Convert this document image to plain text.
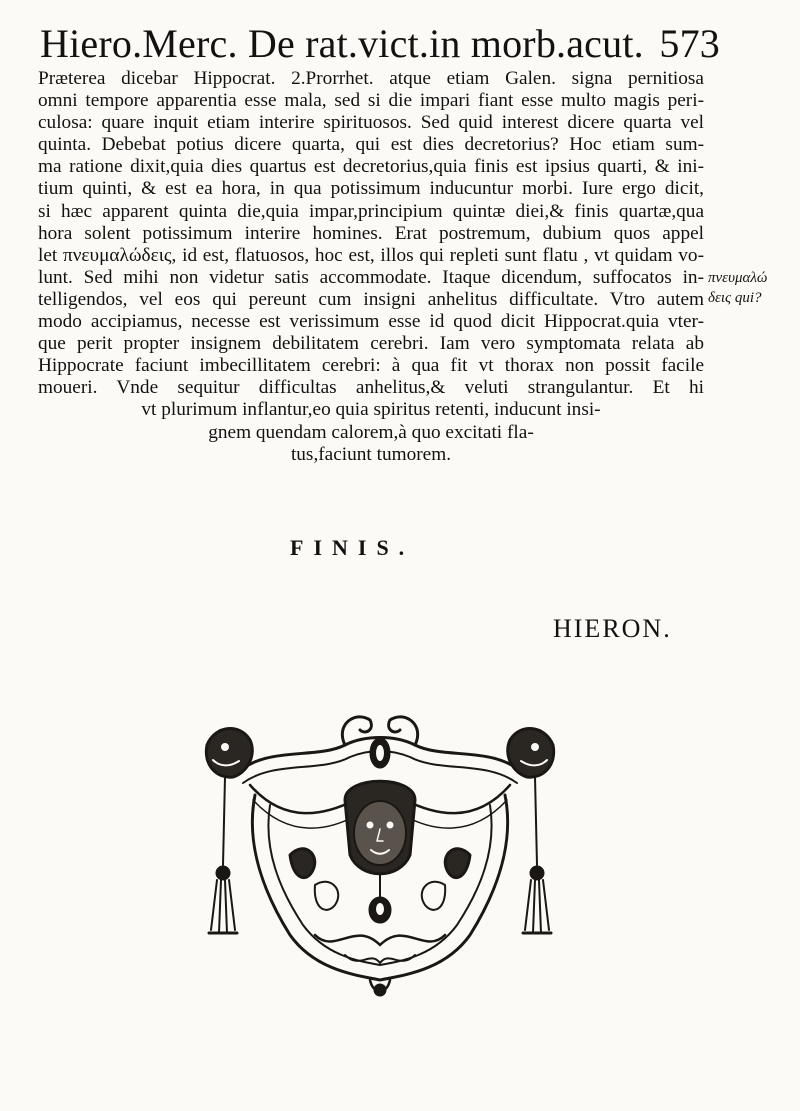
Hiero.Merc. De rat.vict.in morb.acut. 573
Præterea dicebar Hippocrat. 2.Prorrhet. atque etiam Galen. signa pernitiosa
omni tempore apparentia esse mala, sed si die impari fiant esse multo magis peri-
culosa: quare inquit etiam interire spirituosos. Sed quid interest dicere quarta vel
quinta. Debebat potius dicere quarta, qui est dies decretorius? Hoc etiam sum-
ma ratione dixit,quia dies quartus est decretorius,quia finis est ipsius quarti, & ini-
tium quinti, & est ea hora, in qua potissimum inducuntur morbi. Iure ergo dicit,
si hæc apparent quinta die,quia impar,principium quintæ diei,& finis quartæ,qua
hora solent potissimum interire homines. Erat postremum, dubium quos appel
let πνευμαλώδεις, id est, flatuosos, hoc est, illos qui repleti sunt flatu , vt quidam vo-
lunt. Sed mihi non videtur satis accommodate. Itaque dicendum, suffocatos in-
telligendos, vel eos qui pereunt cum insigni anhelitus difficultate. Vtro autem
modo accipiamus, necesse est verissimum esse id quod dicit Hippocrat.quia vter-
que perit propter insignem debilitatem cerebri. Iam vero symptomata relata ab
Hippocrate faciunt imbecillitatem cerebri: à qua fit vt thorax non possit facile
moueri. Vnde sequitur difficultas anhelitus,& veluti strangulantur. Et hi
vt plurimum inflantur,eo quia spiritus retenti, inducunt insi-
gnem quendam calorem,à quo excitati fla-
tus,faciunt tumorem.
πνευμαλώ
δεις qui?
FINIS.
HIERON.
